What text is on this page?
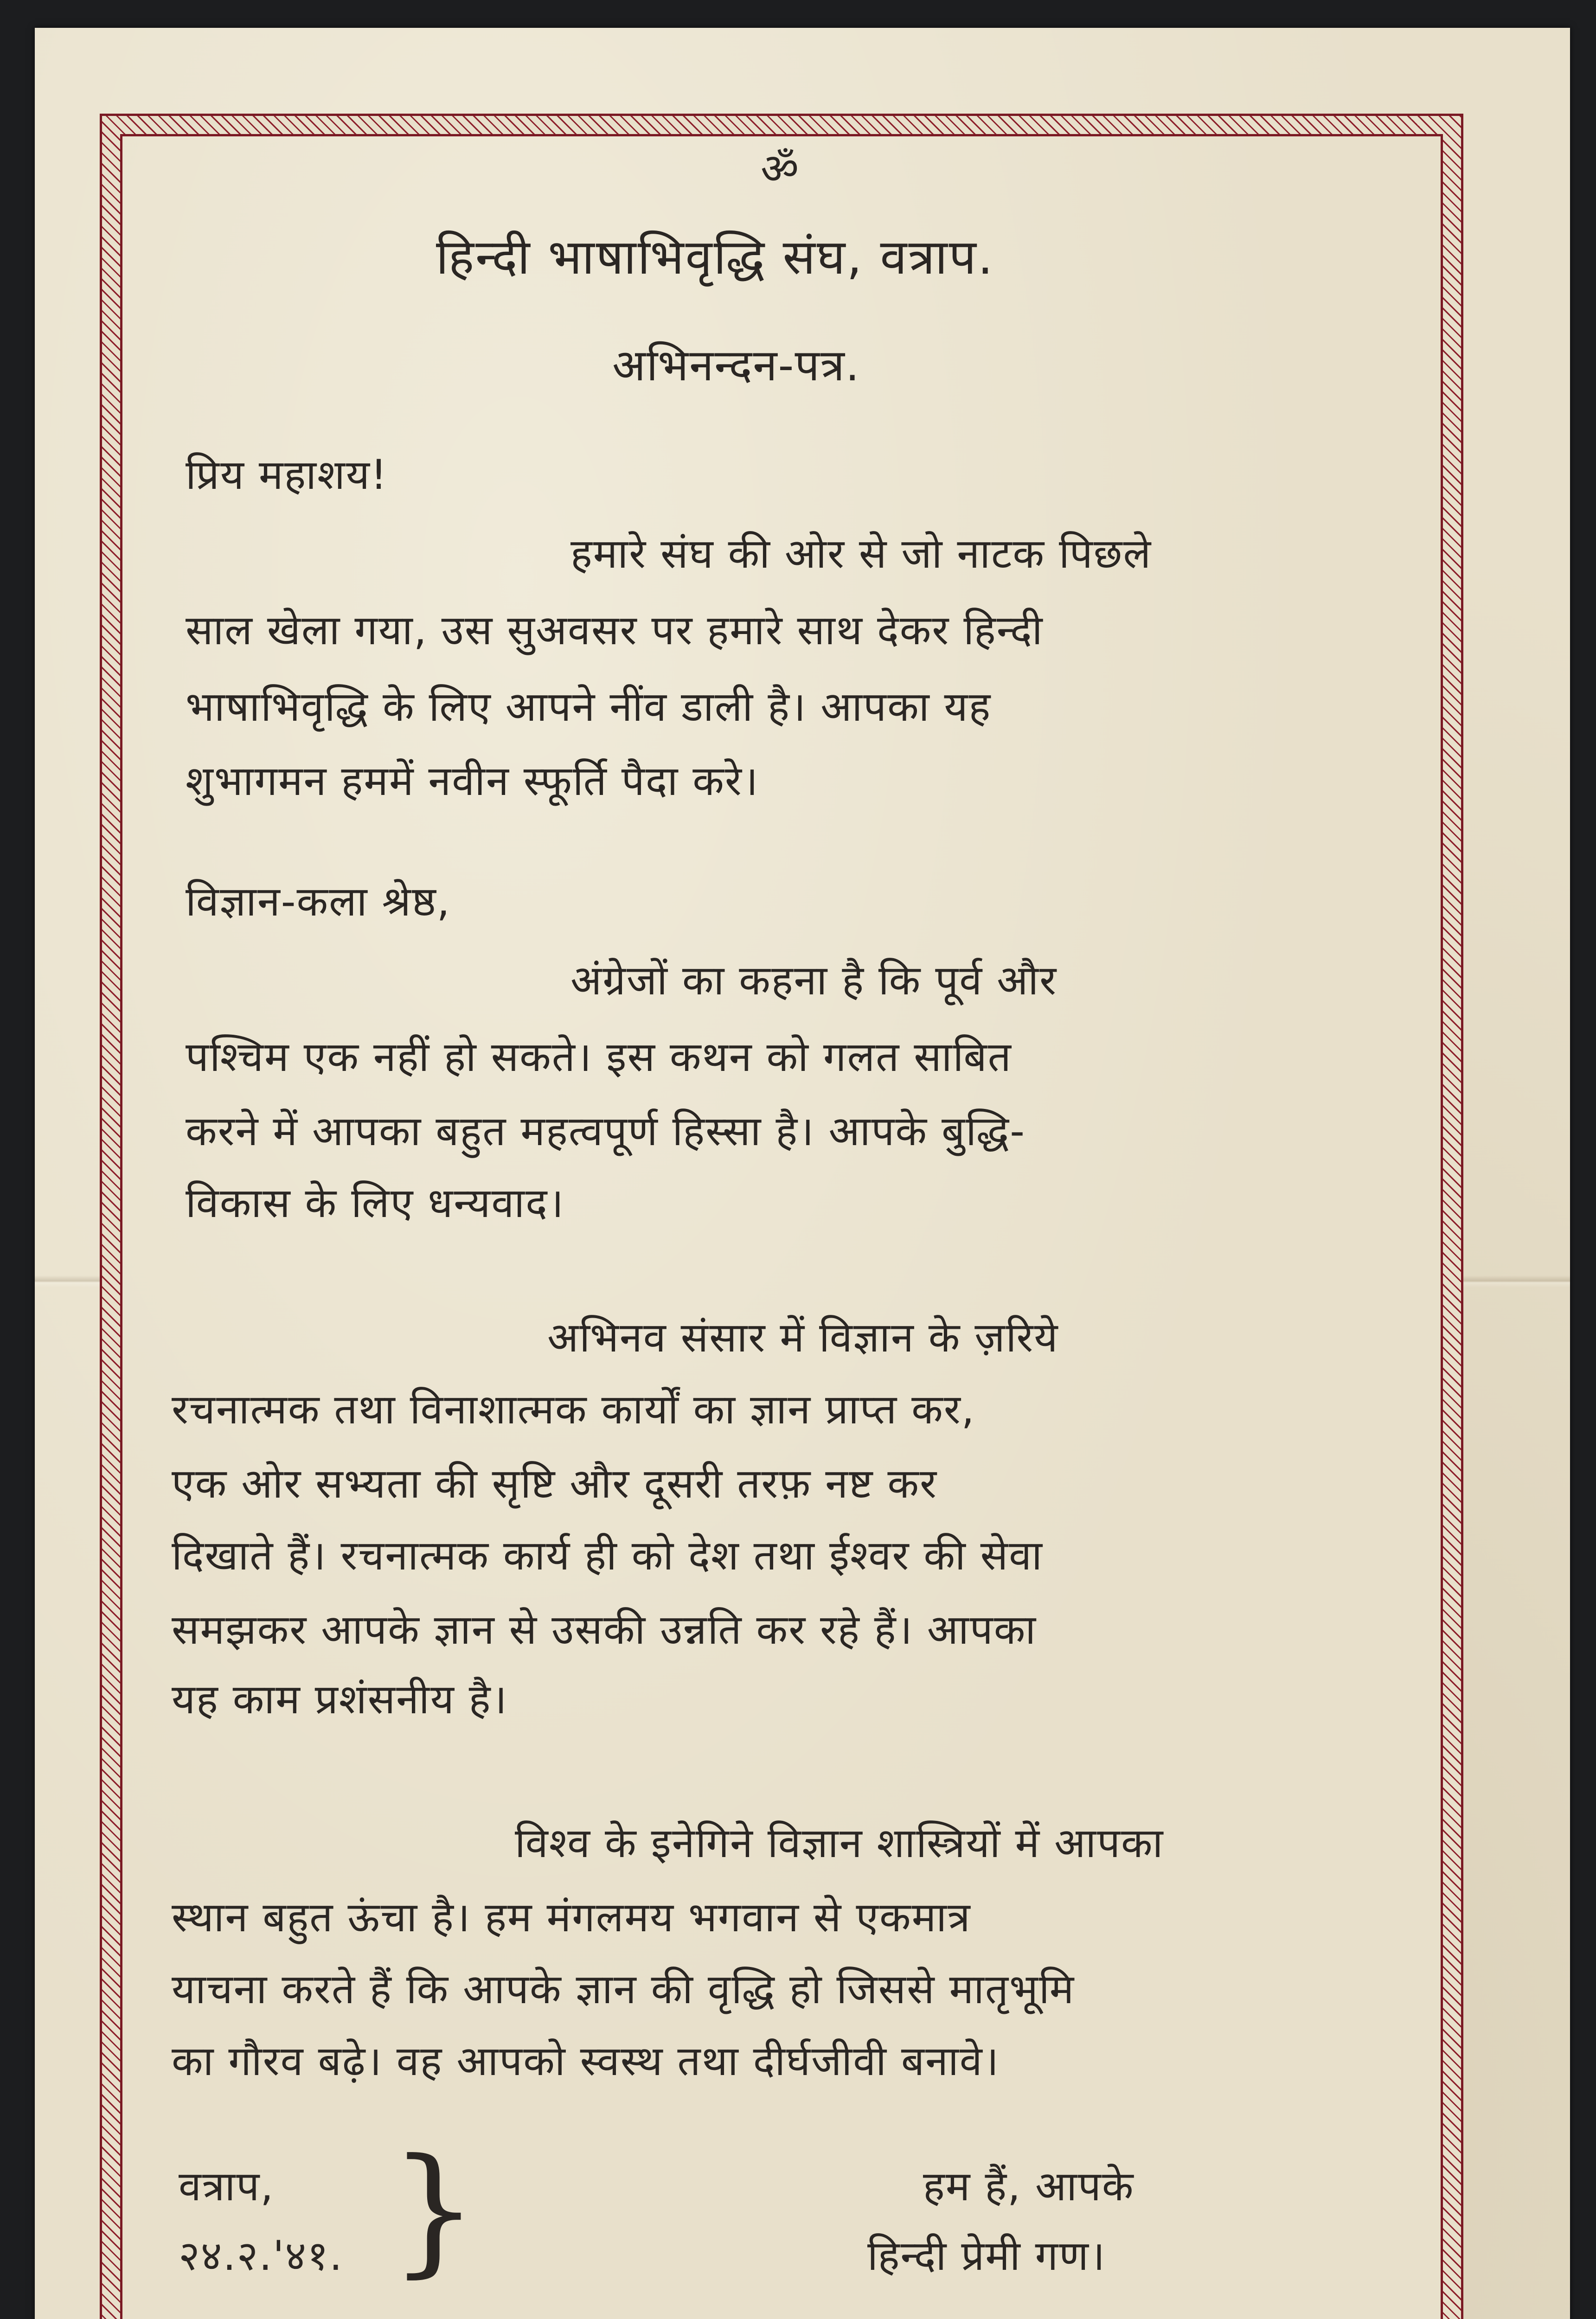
ॐ
हिन्दी भाषाभिवृद्धि संघ, वत्राप.
अभिनन्दन-पत्र.
प्रिय महाशय!
हमारे संघ की ओर से जो नाटक पिछले
साल खेला गया, उस सुअवसर पर हमारे साथ देकर हिन्दी
भाषाभिवृद्धि के लिए आपने नींव डाली है। आपका यह
शुभागमन हममें नवीन स्फूर्ति पैदा करे।
विज्ञान-कला श्रेष्ठ,
अंग्रेजों का कहना है कि पूर्व और
पश्चिम एक नहीं हो सकते। इस कथन को गलत साबित
करने में आपका बहुत महत्वपूर्ण हिस्सा है। आपके बुद्धि-
विकास के लिए धन्यवाद।
अभिनव संसार में विज्ञान के ज़रिये
रचनात्मक तथा विनाशात्मक कार्यों का ज्ञान प्राप्त कर,
एक ओर सभ्यता की सृष्टि और दूसरी तरफ़ नष्ट कर
दिखाते हैं। रचनात्मक कार्य ही को देश तथा ईश्वर की सेवा
समझकर आपके ज्ञान से उसकी उन्नति कर रहे हैं। आपका
यह काम प्रशंसनीय है।
विश्व के इनेगिने विज्ञान शास्त्रियों में आपका
स्थान बहुत ऊंचा है। हम मंगलमय भगवान से एकमात्र
याचना करते हैं कि आपके ज्ञान की वृद्धि हो जिससे मातृभूमि
का गौरव बढ़े। वह आपको स्वस्थ तथा दीर्घजीवी बनावे।
वत्राप,
२४.२.'४१. }	हम हैं, आपके
हिन्दी प्रेमी गण।
